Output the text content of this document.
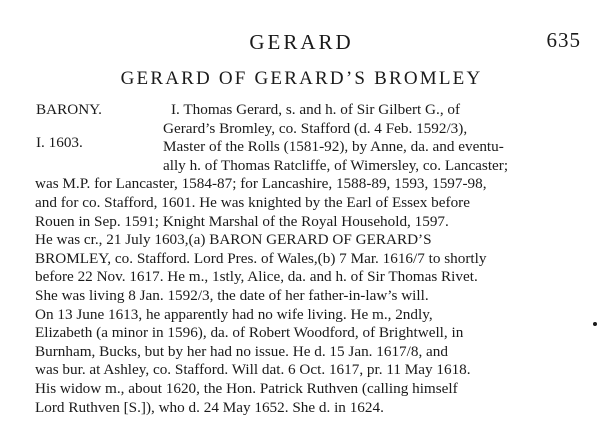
GERARD	635
GERARD OF GERARD’S BROMLEY
BARONY.
I. 1603.
I. Thomas Gerard, s. and h. of Sir Gilbert G., of
Gerard’s Bromley, co. Stafford (d. 4 Feb. 1592/3),
Master of the Rolls (1581-92), by Anne, da. and eventu-
ally h. of Thomas Ratcliffe, of Wimersley, co. Lancaster;
was M.P. for Lancaster, 1584-87; for Lancashire, 1588-89, 1593, 1597-98,
and for co. Stafford, 1601. He was knighted by the Earl of Essex before
Rouen in Sep. 1591; Knight Marshal of the Royal Household, 1597.
He was cr., 21 July 1603,(a) BARON GERARD OF GERARD’S
BROMLEY, co. Stafford. Lord Pres. of Wales,(b) 7 Mar. 1616/7 to shortly
before 22 Nov. 1617. He m., 1stly, Alice, da. and h. of Sir Thomas Rivet.
She was living 8 Jan. 1592/3, the date of her father-in-law’s will.
On 13 June 1613, he apparently had no wife living. He m., 2ndly,
Elizabeth (a minor in 1596), da. of Robert Woodford, of Brightwell, in
Burnham, Bucks, but by her had no issue. He d. 15 Jan. 1617/8, and
was bur. at Ashley, co. Stafford. Will dat. 6 Oct. 1617, pr. 11 May 1618.
His widow m., about 1620, the Hon. Patrick Ruthven (calling himself
Lord Ruthven [S.]), who d. 24 May 1652. She d. in 1624.
